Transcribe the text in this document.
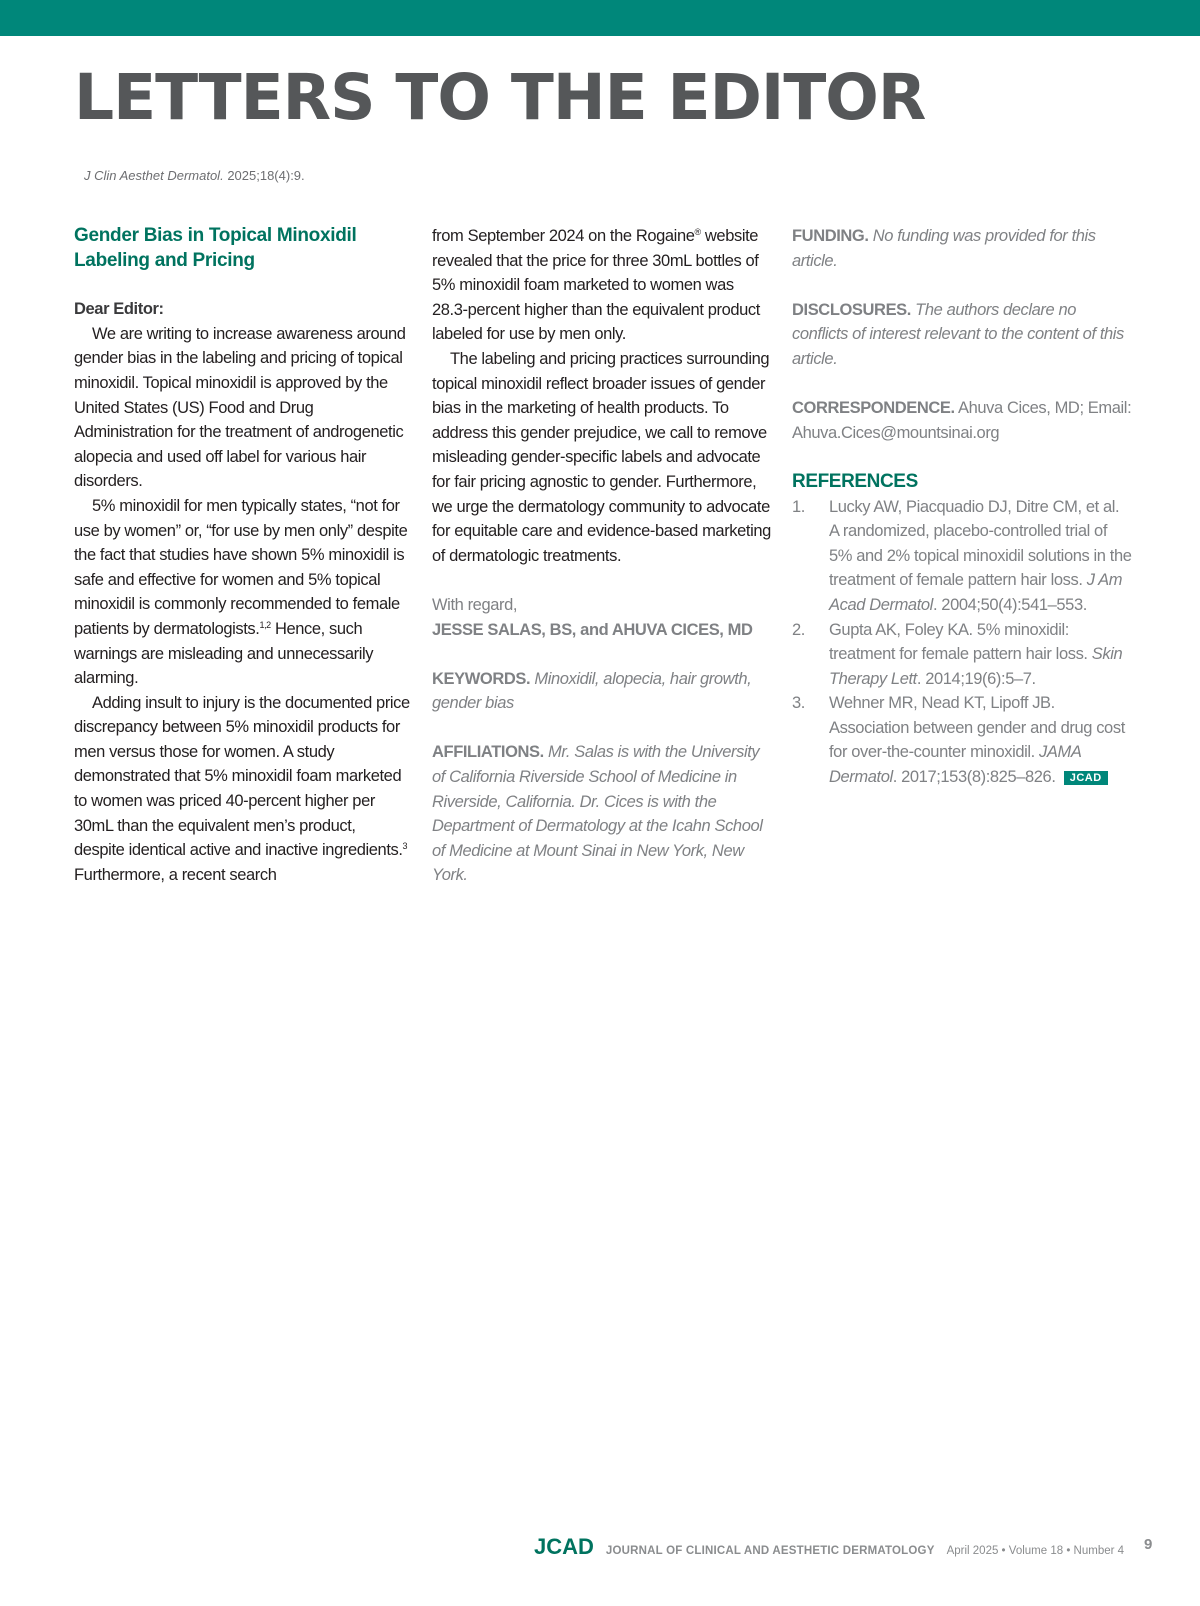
LETTERS TO THE EDITOR
J Clin Aesthet Dermatol. 2025;18(4):9.
Gender Bias in Topical Minoxidil Labeling and Pricing

Dear Editor:

We are writing to increase awareness around gender bias in the labeling and pricing of topical minoxidil. Topical minoxidil is approved by the United States (US) Food and Drug Administration for the treatment of androgenetic alopecia and used off label for various hair disorders.

5% minoxidil for men typically states, “not for use by women” or, “for use by men only” despite the fact that studies have shown 5% minoxidil is safe and effective for women and 5% topical minoxidil is commonly recommended to female patients by dermatologists.$^{1,2}$ Hence, such warnings are misleading and unnecessarily alarming.

Adding insult to injury is the documented price discrepancy between 5% minoxidil products for men versus those for women. A study demonstrated that 5% minoxidil foam marketed to women was priced 40-percent higher per 30mL than the equivalent men’s product, despite identical active and inactive ingredients.$^3$ Furthermore, a recent search

from September 2024 on the Rogaine® website revealed that the price for three 30mL bottles of 5% minoxidil foam marketed to women was 28.3-percent higher than the equivalent product labeled for use by men only.

The labeling and pricing practices surrounding topical minoxidil reflect broader issues of gender bias in the marketing of health products. To address this gender prejudice, we call to remove misleading gender-specific labels and advocate for fair pricing agnostic to gender. Furthermore, we urge the dermatology community to advocate for equitable care and evidence-based marketing of dermatologic treatments.

With regard,

JESSE SALAS, BS, and AHUVA CICES, MD

KEYWORDS. Minoxidil, alopecia, hair growth, gender bias

AFFILIATIONS. Mr. Salas is with the University of California Riverside School of Medicine in Riverside, California. Dr. Cices is with the Department of Dermatology at the Icahn School of Medicine at Mount Sinai in New York, New York.

FUNDING. No funding was provided for this article.

DISCLOSURES. The authors declare no conflicts of interest relevant to the content of this article.

CORRESPONDENCE. Ahuva Cices, MD; Email: Ahuva.Cices@mountsinai.org

REFERENCES
1.	Lucky AW, Piacquadio DJ, Ditre CM, et al. A randomized, placebo-controlled trial of 5% and 2% topical minoxidil solutions in the treatment of female pattern hair loss. J Am Acad Dermatol. 2004;50(4):541–553.
2.	Gupta AK, Foley KA. 5% minoxidil: treatment for female pattern hair loss. Skin Therapy Lett. 2014;19(6):5–7.
3.	Wehner MR, Nead KT, Lipoff JB. Association between gender and drug cost for over-the-counter minoxidil. JAMA Dermatol. 2017;153(8):825–826. JCAD
JCAD JOURNAL OF CLINICAL AND AESTHETIC DERMATOLOGY April 2025 • Volume 18 • Number 4 9
